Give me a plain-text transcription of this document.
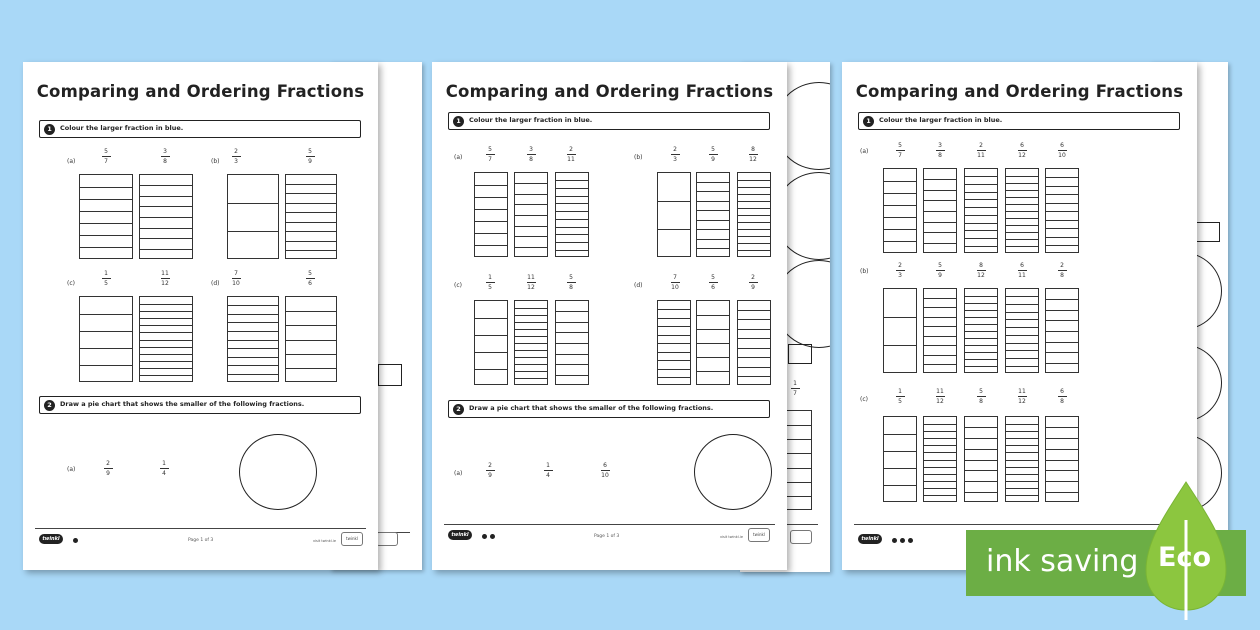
1
7
Comparing and Ordering Fractions
1	Colour the larger fraction in blue.
(a)	(b)
(c)	(d)
5
7
3
8
2
3
5
9
1
5
11
12
7
10
5
6
2	Draw a pie chart that shows the smaller of the following fractions.
(a)
2
9
1
4
twinkl	Page 1 of 3	visit twinkl.ie	twinkl
Comparing and Ordering Fractions
1	Colour the larger fraction in blue.
(a)	(b)
(c)	(d)
5
7
3
8
2
11
2
3
5
9
8
12
1
5
11
12
5
8
7
10
5
6
2
9
2	Draw a pie chart that shows the smaller of the following fractions.
(a)
2
9
1
4
6
10
twinkl	Page 1 of 3	visit twinkl.ie	twinkl
Comparing and Ordering Fractions
1	Colour the larger fraction in blue.
(a)
(b)
(c)
5
7
3
8
2
11
6
12
6
10
2
3
5
9
8
12
6
11
2
8
1
5
11
12
5
8
11
12
6
8
twinkl
ink saving Eco
